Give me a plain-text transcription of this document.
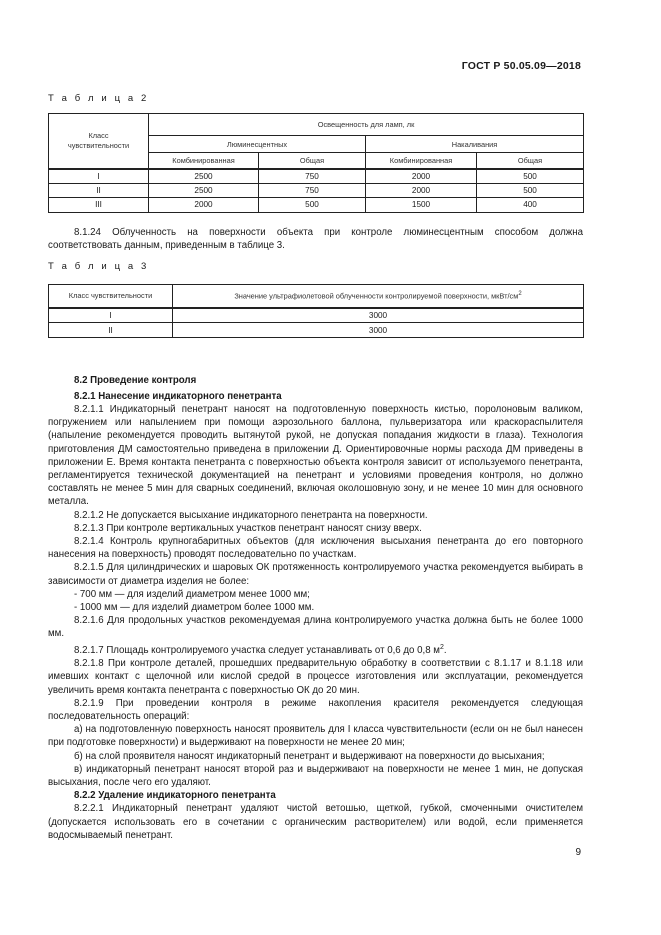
ГОСТ Р 50.05.09—2018
Т а б л и ц а 2
Класс чувствительности	Освещенность для ламп, лк			
	Люминесцентных		Накаливания	
	Комбинированная	Общая	Комбинированная	Общая
I	2500	750	2000	500
II	2500	750	2000	500
III	2000	500	1500	400
Класс чувствительности	Значение ультрафиолетовой облученности контролируемой поверхности, мкВт/$см^2$
I	3000
II	3000

8.1.24 Облученность на поверхности объекта при контроле люминесцентным способом должна соответствовать данным, приведенным в таблице 3.

Т а б л и ц а 3

8.2 Проведение контроля

8.2.1 Нанесение индикаторного пенетранта

8.2.1.1 Индикаторный пенетрант наносят на подготовленную поверхность кистью, поролоновым валиком, погружением или напылением при помощи аэрозольного баллона, пульверизатора или краскораспылителя (напыление рекомендуется проводить вытянутой рукой, не допуская попадания жидкости в глаза). Технология приготовления ДМ самостоятельно приведена в приложении Д. Ориентировочные нормы расхода ДМ приведены в приложении Е. Время контакта пенетранта с поверхностью объекта контроля зависит от используемого пенетранта, регламентируется технической документацией на пенетрант и условиями проведения контроля, но должно составлять не менее 5 мин для сварных соединений, включая околошовную зону, и не менее 10 мин для основного металла.

8.2.1.2 Не допускается высыхание индикаторного пенетранта на поверхности.

8.2.1.3 При контроле вертикальных участков пенетрант наносят снизу вверх.

8.2.1.4 Контроль крупногабаритных объектов (для исключения высыхания пенетранта до его повторного нанесения на поверхность) проводят последовательно по участкам.

8.2.1.5 Для цилиндрических и шаровых ОК протяженность контролируемого участка рекомендуется выбирать в зависимости от диаметра изделия не более:

- 700 мм — для изделий диаметром менее 1000 мм;

- 1000 мм — для изделий диаметром более 1000 мм.

8.2.1.6 Для продольных участков рекомендуемая длина контролируемого участка должна быть не более 1000 мм.

8.2.1.7 Площадь контролируемого участка следует устанавливать от 0,6 до 0,8 $м^2$.

8.2.1.8 При контроле деталей, прошедших предварительную обработку в соответствии с 8.1.17 и 8.1.18 или имевших контакт с щелочной или кислой средой в процессе изготовления или эксплуатации, рекомендуется увеличить время контакта пенетранта с поверхностью ОК до 20 мин.

8.2.1.9 При проведении контроля в режиме накопления красителя рекомендуется следующая последовательность операций:

а) на подготовленную поверхность наносят проявитель для I класса чувствительности (если он не был нанесен при подготовке поверхности) и выдерживают на поверхности не менее 20 мин;

б) на слой проявителя наносят индикаторный пенетрант и выдерживают на поверхности до высыхания;

в) индикаторный пенетрант наносят второй раз и выдерживают на поверхности не менее 1 мин, не допуская высыхания, после чего его удаляют.

8.2.2 Удаление индикаторного пенетранта

8.2.2.1 Индикаторный пенетрант удаляют чистой ветошью, щеткой, губкой, смоченными очистителем (допускается использовать его в сочетании с органическим растворителем) или водой, если применяется водосмываемый пенетрант.

9
